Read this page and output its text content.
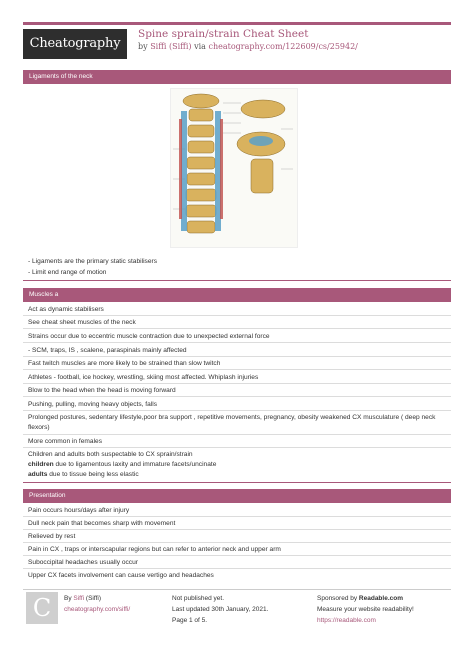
Cheatography
Spine sprain/strain Cheat Sheet
by Siffi (Siffi) via cheatography.com/122609/cs/25942/
Ligaments of the neck
- Ligaments are the primary static stabilisers
- Limit end range of motion
Muscles a
Act as dynamic stabilisers
See cheat sheet muscles of the neck
Strains occur due to eccentric muscle contraction due to unexpected external force
- SCM, traps, IS , scalene, paraspinals mainly affected
Fast twitch muscles are more likely to be strained than slow twitch
Athletes - football, ice hockey, wrestling, skiing most affected. Whiplash injuries
Blow to the head when the head is moving forward
Pushing, pulling, moving heavy objects, falls
Prolonged postures, sedentary lifestyle,poor bra support , repetitive movements, pregnancy, obesity weakened CX musculature ( deep neck flexors)
More common in females
Children and adults both suspectable to CX sprain/strain
children due to ligamentous laxity and immature facets/uncinate
adults due to tissue being less elastic
Presentation
Pain occurs hours/days after injury
Dull neck pain that becomes sharp with movement
Relieved by rest
Pain in CX , traps or interscapular regions but can refer to anterior neck and upper arm
Suboccipital headaches usually occur
Upper CX facets involvement can cause vertigo and headaches
C	By Siffi (Siffi)
cheatography.com/siffi/
Not published yet.
Last updated 30th January, 2021.
Page 1 of 5.
Sponsored by Readable.com
Measure your website readability!
https://readable.com
